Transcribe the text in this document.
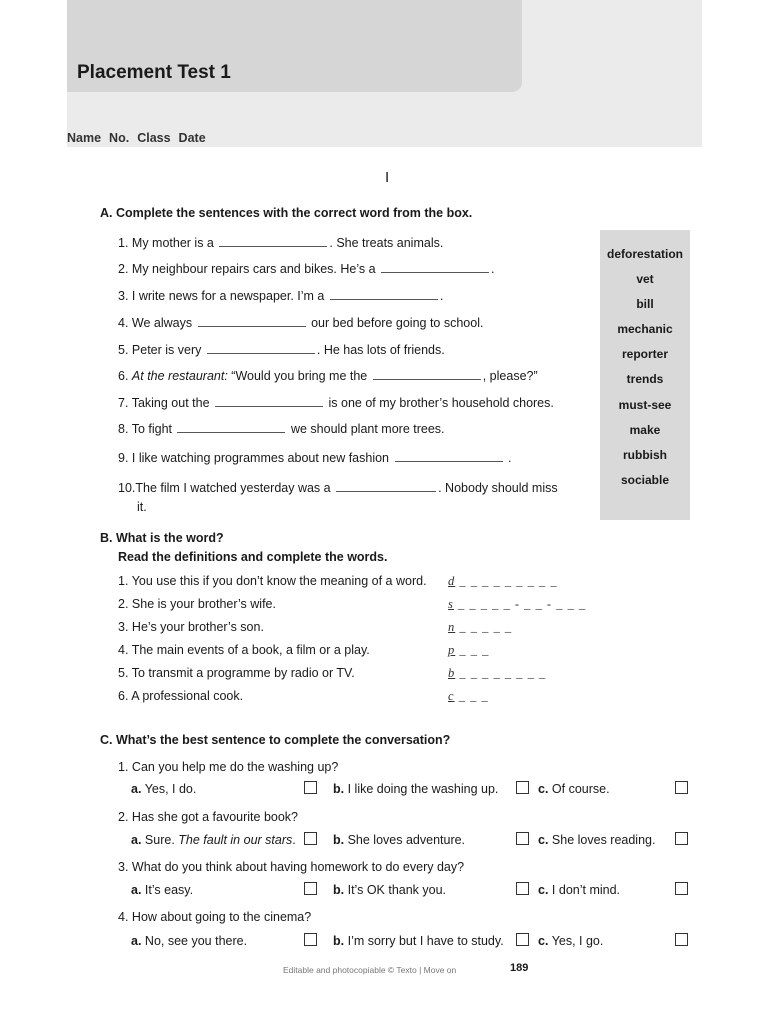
Placement Test 1
Name No. Class Date
I
A. Complete the sentences with the correct word from the box.
1. My mother is a	. She treats animals.
2. My neighbour repairs cars and bikes. He’s a	.
3. I write news for a newspaper. I’m a	.
4. We always	our bed before going to school.
5. Peter is very	. He has lots of friends.
6. At the restaurant: “Would you bring me the	, please?”
7. Taking out the	is one of my brother’s household chores.
8. To fight	we should plant more trees.
9. I like watching programmes about new fashion	.
10.The film I watched yesterday was a	. Nobody should miss
it.
deforestation
vet
bill
mechanic
reporter
trends
must-see
make
rubbish
sociable
B. What is the word?
Read the definitions and complete the words.
1. You use this if you don’t know the meaning of a word. d _ _ _ _ _ _ _ _ _
2. She is your brother’s wife.	s _ _ _ _ _ - _ _ - _ _ _
3. He’s your brother’s son.	n _ _ _ _ _
4. The main events of a book, a film or a play.	p _ _ _
5. To transmit a programme by radio or TV.	b _ _ _ _ _ _ _ _
6. A professional cook.	c _ _ _
C. What’s the best sentence to complete the conversation?
1. Can you help me do the washing up?
a. Yes, I do.	b. I like doing the washing up.	c. Of course.
2. Has she got a favourite book?
a. Sure. The fault in our stars.	b. She loves adventure.	c. She loves reading.
3. What do you think about having homework to do every day?
a. It’s easy.	b. It’s OK thank you.	c. I don’t mind.
4. How about going to the cinema?
a. No, see you there.	b. I’m sorry but I have to study.	c. Yes, I go.
Editable and photocopiable © Texto | Move on	189
